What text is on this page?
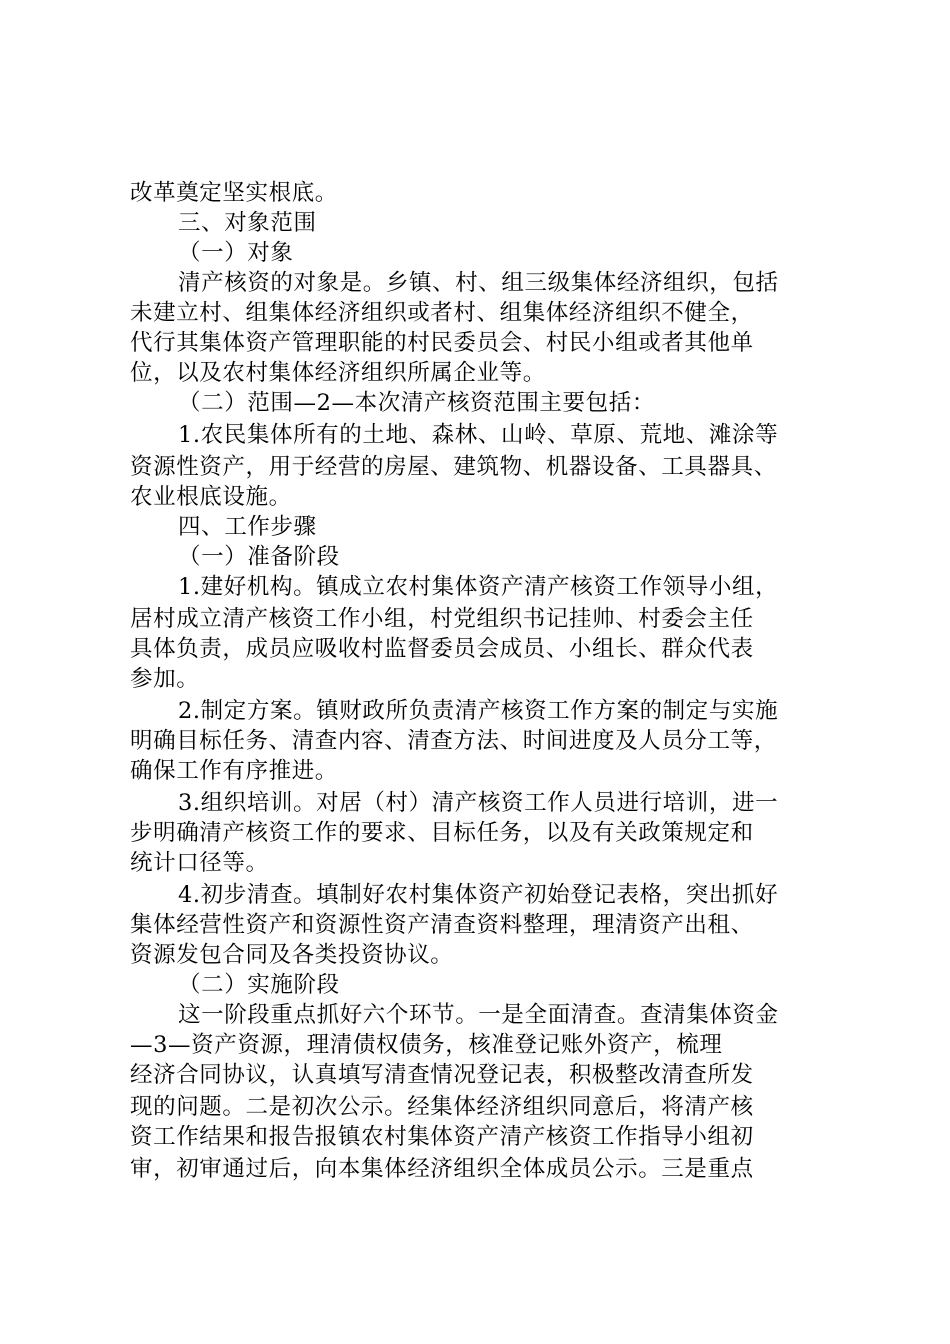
改革奠定坚实根底。
三、对象范围
（一）对象
清产核资的对象是。乡镇、村、组三级集体经济组织，包括
未建立村、组集体经济组织或者村、组集体经济组织不健全，
代行其集体资产管理职能的村民委员会、村民小组或者其他单
位，以及农村集体经济组织所属企业等。
（二）范围—2—本次清产核资范围主要包括：
1.农民集体所有的土地、森林、山岭、草原、荒地、滩涂等
资源性资产，用于经营的房屋、建筑物、机器设备、工具器具、
农业根底设施。
四、工作步骤
（一）准备阶段
1.建好机构。镇成立农村集体资产清产核资工作领导小组，
居村成立清产核资工作小组，村党组织书记挂帅、村委会主任
具体负责，成员应吸收村监督委员会成员、小组长、群众代表
参加。
2.制定方案。镇财政所负责清产核资工作方案的制定与实施
明确目标任务、清查内容、清查方法、时间进度及人员分工等，
确保工作有序推进。
3.组织培训。对居（村）清产核资工作人员进行培训，进一
步明确清产核资工作的要求、目标任务，以及有关政策规定和
统计口径等。
4.初步清查。填制好农村集体资产初始登记表格，突出抓好
集体经营性资产和资源性资产清查资料整理，理清资产出租、
资源发包合同及各类投资协议。
（二）实施阶段
这一阶段重点抓好六个环节。一是全面清查。查清集体资金
—3—资产资源，理清债权债务，核准登记账外资产，梳理
经济合同协议，认真填写清查情况登记表，积极整改清查所发
现的问题。二是初次公示。经集体经济组织同意后，将清产核
资工作结果和报告报镇农村集体资产清产核资工作指导小组初
审，初审通过后，向本集体经济组织全体成员公示。三是重点
